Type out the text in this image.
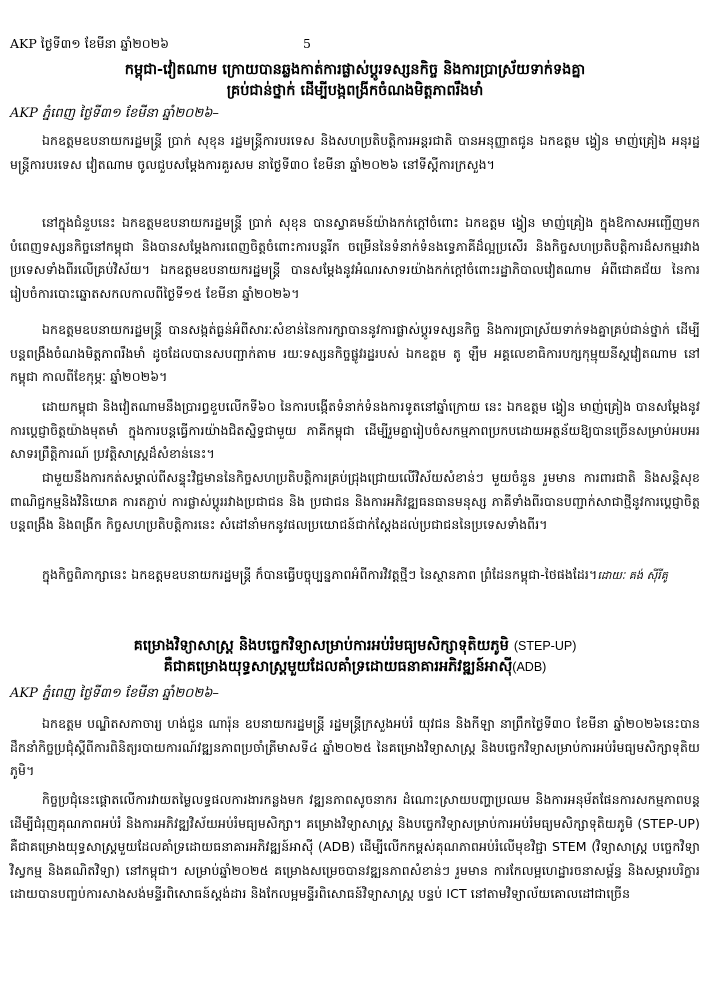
AKP ថ្ងៃទី៣១ ខែមីនា ឆ្នាំ២០២៦	5
កម្ពុជា-វៀតណាម ក្រោយបានឆ្លងកាត់ការផ្លាស់ប្តូរទស្សនកិច្ច និងការប្រាស្រ័យទាក់ទងគ្នា
គ្រប់ជាន់ថ្នាក់ ដើម្បីបង្កពង្រីកចំណងមិត្តភាពរឹងមាំ

AKP ភ្នំពេញ ថ្ងៃទី៣១ ខែមីនា ឆ្នាំ២០២៦–

ឯកឧត្តមឧបនាយករដ្ឋមន្ត្រី ប្រាក់ សុខុន រដ្ឋមន្ត្រីការបរទេស និងសហប្រតិបត្តិការអន្តរជាតិ បានអនុញ្ញាតជូន ឯកឧត្តម ង្វៀន មាញ់គ្រៀង អនុរដ្ឋមន្ត្រីការបរទេស វៀតណាម ចូលជួបសម្តែងការគួរសម នាថ្ងៃទី៣០ ខែមីនា ឆ្នាំ២០២៦ នៅទីស្តីការក្រសួង។

នៅក្នុងជំនួបនេះ ឯកឧត្តមឧបនាយករដ្ឋមន្ត្រី ប្រាក់ សុខុន បានស្វាគមន៍យ៉ាងកក់ក្តៅចំពោះ ឯកឧត្តម ង្វៀន មាញ់គ្រៀង ក្នុងឱកាសអញ្ជើញមកបំពេញទស្សនកិច្ចនៅកម្ពុជា និងបានសម្តែងការពេញចិត្តចំពោះការបន្តរីក ចម្រើននៃទំនាក់ទំនងទ្វេភាគីដ៏ល្អប្រសើរ និងកិច្ចសហប្រតិបត្តិការដ៏សកម្មរវាងប្រទេសទាំងពីរលើគ្រប់វិស័យ។ ឯកឧត្តមឧបនាយករដ្ឋមន្ត្រី បានសម្តែងនូវអំណរសាទរយ៉ាងកក់ក្តៅចំពោះរដ្ឋាភិបាលវៀតណាម អំពីជោគជ័យ នៃការរៀបចំការបោះឆ្នោតសកលកាលពីថ្ងៃទី១៥ ខែមីនា ឆ្នាំ២០២៦។

ឯកឧត្តមឧបនាយករដ្ឋមន្ត្រី បានសង្កត់ធ្ងន់អំពីសារៈសំខាន់នៃការក្សាបាននូវការផ្លាស់ប្តូរទស្សនកិច្ច និងការប្រាស្រ័យទាក់ទងគ្នាគ្រប់ជាន់ថ្នាក់ ដើម្បីបន្តពង្រឹងចំណងមិត្តភាពរឹងមាំ ដូចដែលបានសបញ្ជាក់តាម រយៈទស្សនកិច្ចផ្លូវរដ្ឋរបស់ ឯកឧត្តម តូ ឡឹម អគ្គលេខាធិការបក្សកុម្មុយនីស្តវៀតណាម នៅកម្ពុជា កាលពីខែកុម្ភៈ ឆ្នាំ២០២៦។

ដោយកម្ពុជា និងវៀតណាមនឹងប្រារព្ធខួបលើកទី៦០ នៃការបង្កើតទំនាក់ទំនងការទូតនៅឆ្នាំក្រោយ នេះ ឯកឧត្តម ង្វៀន មាញ់គ្រៀង បានសម្តែងនូវការប្តេជ្ញាចិត្តយ៉ាងមុតមាំ ក្នុងការបន្តធ្វើការយ៉ាងជិតស្និទ្ធជាមួយ ភាគីកម្ពុជា ដើម្បីរួមគ្នារៀបចំសកម្មភាពប្រកបដោយអត្ថន័យឱ្យបានច្រើនសម្រាប់អបអរសាទរព្រឹត្តិការណ៍ ប្រវត្តិសាស្ត្រដ៏សំខាន់នេះ។

ជាមួយនឹងការកត់សម្គាល់ពីសន្ទុះវិជ្ជមាននៃកិច្ចសហប្រតិបត្តិការគ្រប់ជ្រុងជ្រោយលើវិស័យសំខាន់ៗ មួយចំនួន រួមមាន ការពារជាតិ និងសន្តិសុខ ពាណិជ្ជកម្មនិងវិនិយោគ ការតភ្ជាប់ ការផ្លាស់ប្តូររវាងប្រជាជន និង ប្រជាជន និងការអភិវឌ្ឍធនធានមនុស្ស ភាគីទាំងពីរបានបញ្ជាក់សាជាថ្មីនូវការប្តេជ្ញាចិត្តបន្តពង្រឹង និងពង្រីក កិច្ចសហប្រតិបត្តិការនេះ សំដៅនាំមកនូវផលប្រយោជន៍ជាក់ស្តែងដល់ប្រជាជននៃប្រទេសទាំងពីរ។

ក្នុងកិច្ចពិភាក្សានេះ ឯកឧត្តមឧបនាយករដ្ឋមន្ត្រី ក៏បានធ្វើបច្ចុប្បន្នភាពអំពីការវិវត្តថ្មីៗ នៃស្ថានភាព ព្រំដែនកម្ពុជា-ថៃផងដែរ។ដោយៈ គង់ ស៊ីរីគូ

គម្រោងវិទ្យាសាស្ត្រ និងបច្ចេកវិទ្យាសម្រាប់ការអប់រំមធ្យមសិក្សាទុតិយភូមិ (STEP-UP)
គឺជាគម្រោងយុទ្ធសាស្ត្រមួយដែលគាំទ្រដោយធនាគារអភិវឌ្ឍន៍អាស៊ី(ADB)

AKP ភ្នំពេញ ថ្ងៃទី៣១ ខែមីនា ឆ្នាំ២០២៦–

ឯកឧត្តម បណ្ឌិតសភាចារ្យ ហង់ជួន ណារ៉ុន ឧបនាយករដ្ឋមន្ត្រី រដ្ឋមន្ត្រីក្រសួងអប់រំ យុវជន និងកីឡា នាព្រឹកថ្ងៃទី៣០ ខែមីនា ឆ្នាំ២០២៦នេះបានដឹកនាំកិច្ចប្រជុំស្តីពីការពិនិត្យរបាយការណ៍វឌ្ឍនភាពប្រចាំត្រីមាសទី៤ ឆ្នាំ២០២៥ នៃគម្រោងវិទ្យាសាស្ត្រ និងបច្ចេកវិទ្យាសម្រាប់ការអប់រំមធ្យមសិក្សាទុតិយភូមិ។

កិច្ចប្រជុំនេះផ្តោតលើការវាយតម្លៃលទ្ធផលការងារកន្លងមក វឌ្ឍនភាពសូចនាករ ដំណោះស្រាយបញ្ហាប្រឈម និងការអនុម័តផែនការសកម្មភាពបន្ត ដើម្បីជំរុញគុណភាពអប់រំ និងការអភិវឌ្ឍវិស័យអប់រំមធ្យមសិក្សា។ គម្រោងវិទ្យាសាស្ត្រ និងបច្ចេកវិទ្យាសម្រាប់ការអប់រំមធ្យមសិក្សាទុតិយភូមិ (STEP-UP) គឺជាគម្រោងយុទ្ធសាស្ត្រមួយដែលគាំទ្រដោយធនាគារអភិវឌ្ឍន៍អាស៊ី (ADB) ដើម្បីលើកកម្ពស់គុណភាពអប់រំលើមុខវិជ្ជា STEM (វិទ្យាសាស្ត្រ បច្ចេកវិទ្យា វិស្វកម្ម និងគណិតវិទ្យា) នៅកម្ពុជា។ សម្រាប់ឆ្នាំ២០២៥ គម្រោងសម្រេចបានវឌ្ឍនភាពសំខាន់ៗ រួមមាន ការកែលម្អហេដ្ឋារចនាសម្ព័ន្ធ និងសម្ភារបរិក្ខារដោយបានបញ្ចប់ការសាងសង់មន្ទីរពិសោធន៍ស្តង់ដារ និងកែលម្អមន្ទីរពិសោធន៍វិទ្យាសាស្ត្រ បន្ទប់ ICT នៅតាមវិទ្យាល័យគោលដៅជាច្រើន
